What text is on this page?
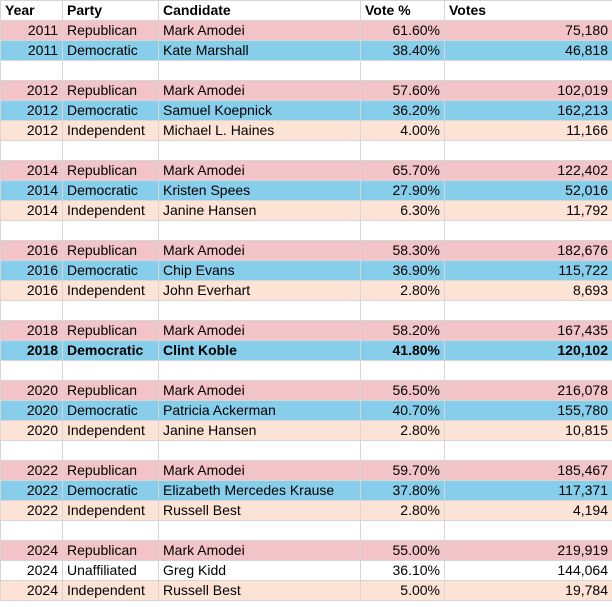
Year	Party	Candidate	Vote %	Votes
2011	Republican	Mark Amodei	61.60%	75,180
2011	Democratic	Kate Marshall	38.40%	46,818

2012	Republican	Mark Amodei	57.60%	102,019
2012	Democratic	Samuel Koepnick	36.20%	162,213
2012	Independent	Michael L. Haines	4.00%	11,166

2014	Republican	Mark Amodei	65.70%	122,402
2014	Democratic	Kristen Spees	27.90%	52,016
2014	Independent	Janine Hansen	6.30%	11,792

2016	Republican	Mark Amodei	58.30%	182,676
2016	Democratic	Chip Evans	36.90%	115,722
2016	Independent	John Everhart	2.80%	8,693

2018	Republican	Mark Amodei	58.20%	167,435
2018	Democratic	Clint Koble	41.80%	120,102

2020	Republican	Mark Amodei	56.50%	216,078
2020	Democratic	Patricia Ackerman	40.70%	155,780
2020	Independent	Janine Hansen	2.80%	10,815

2022	Republican	Mark Amodei	59.70%	185,467
2022	Democratic	Elizabeth Mercedes Krause	37.80%	117,371
2022	Independent	Russell Best	2.80%	4,194

2024	Republican	Mark Amodei	55.00%	219,919
2024	Unaffiliated	Greg Kidd	36.10%	144,064
2024	Independent	Russell Best	5.00%	19,784
